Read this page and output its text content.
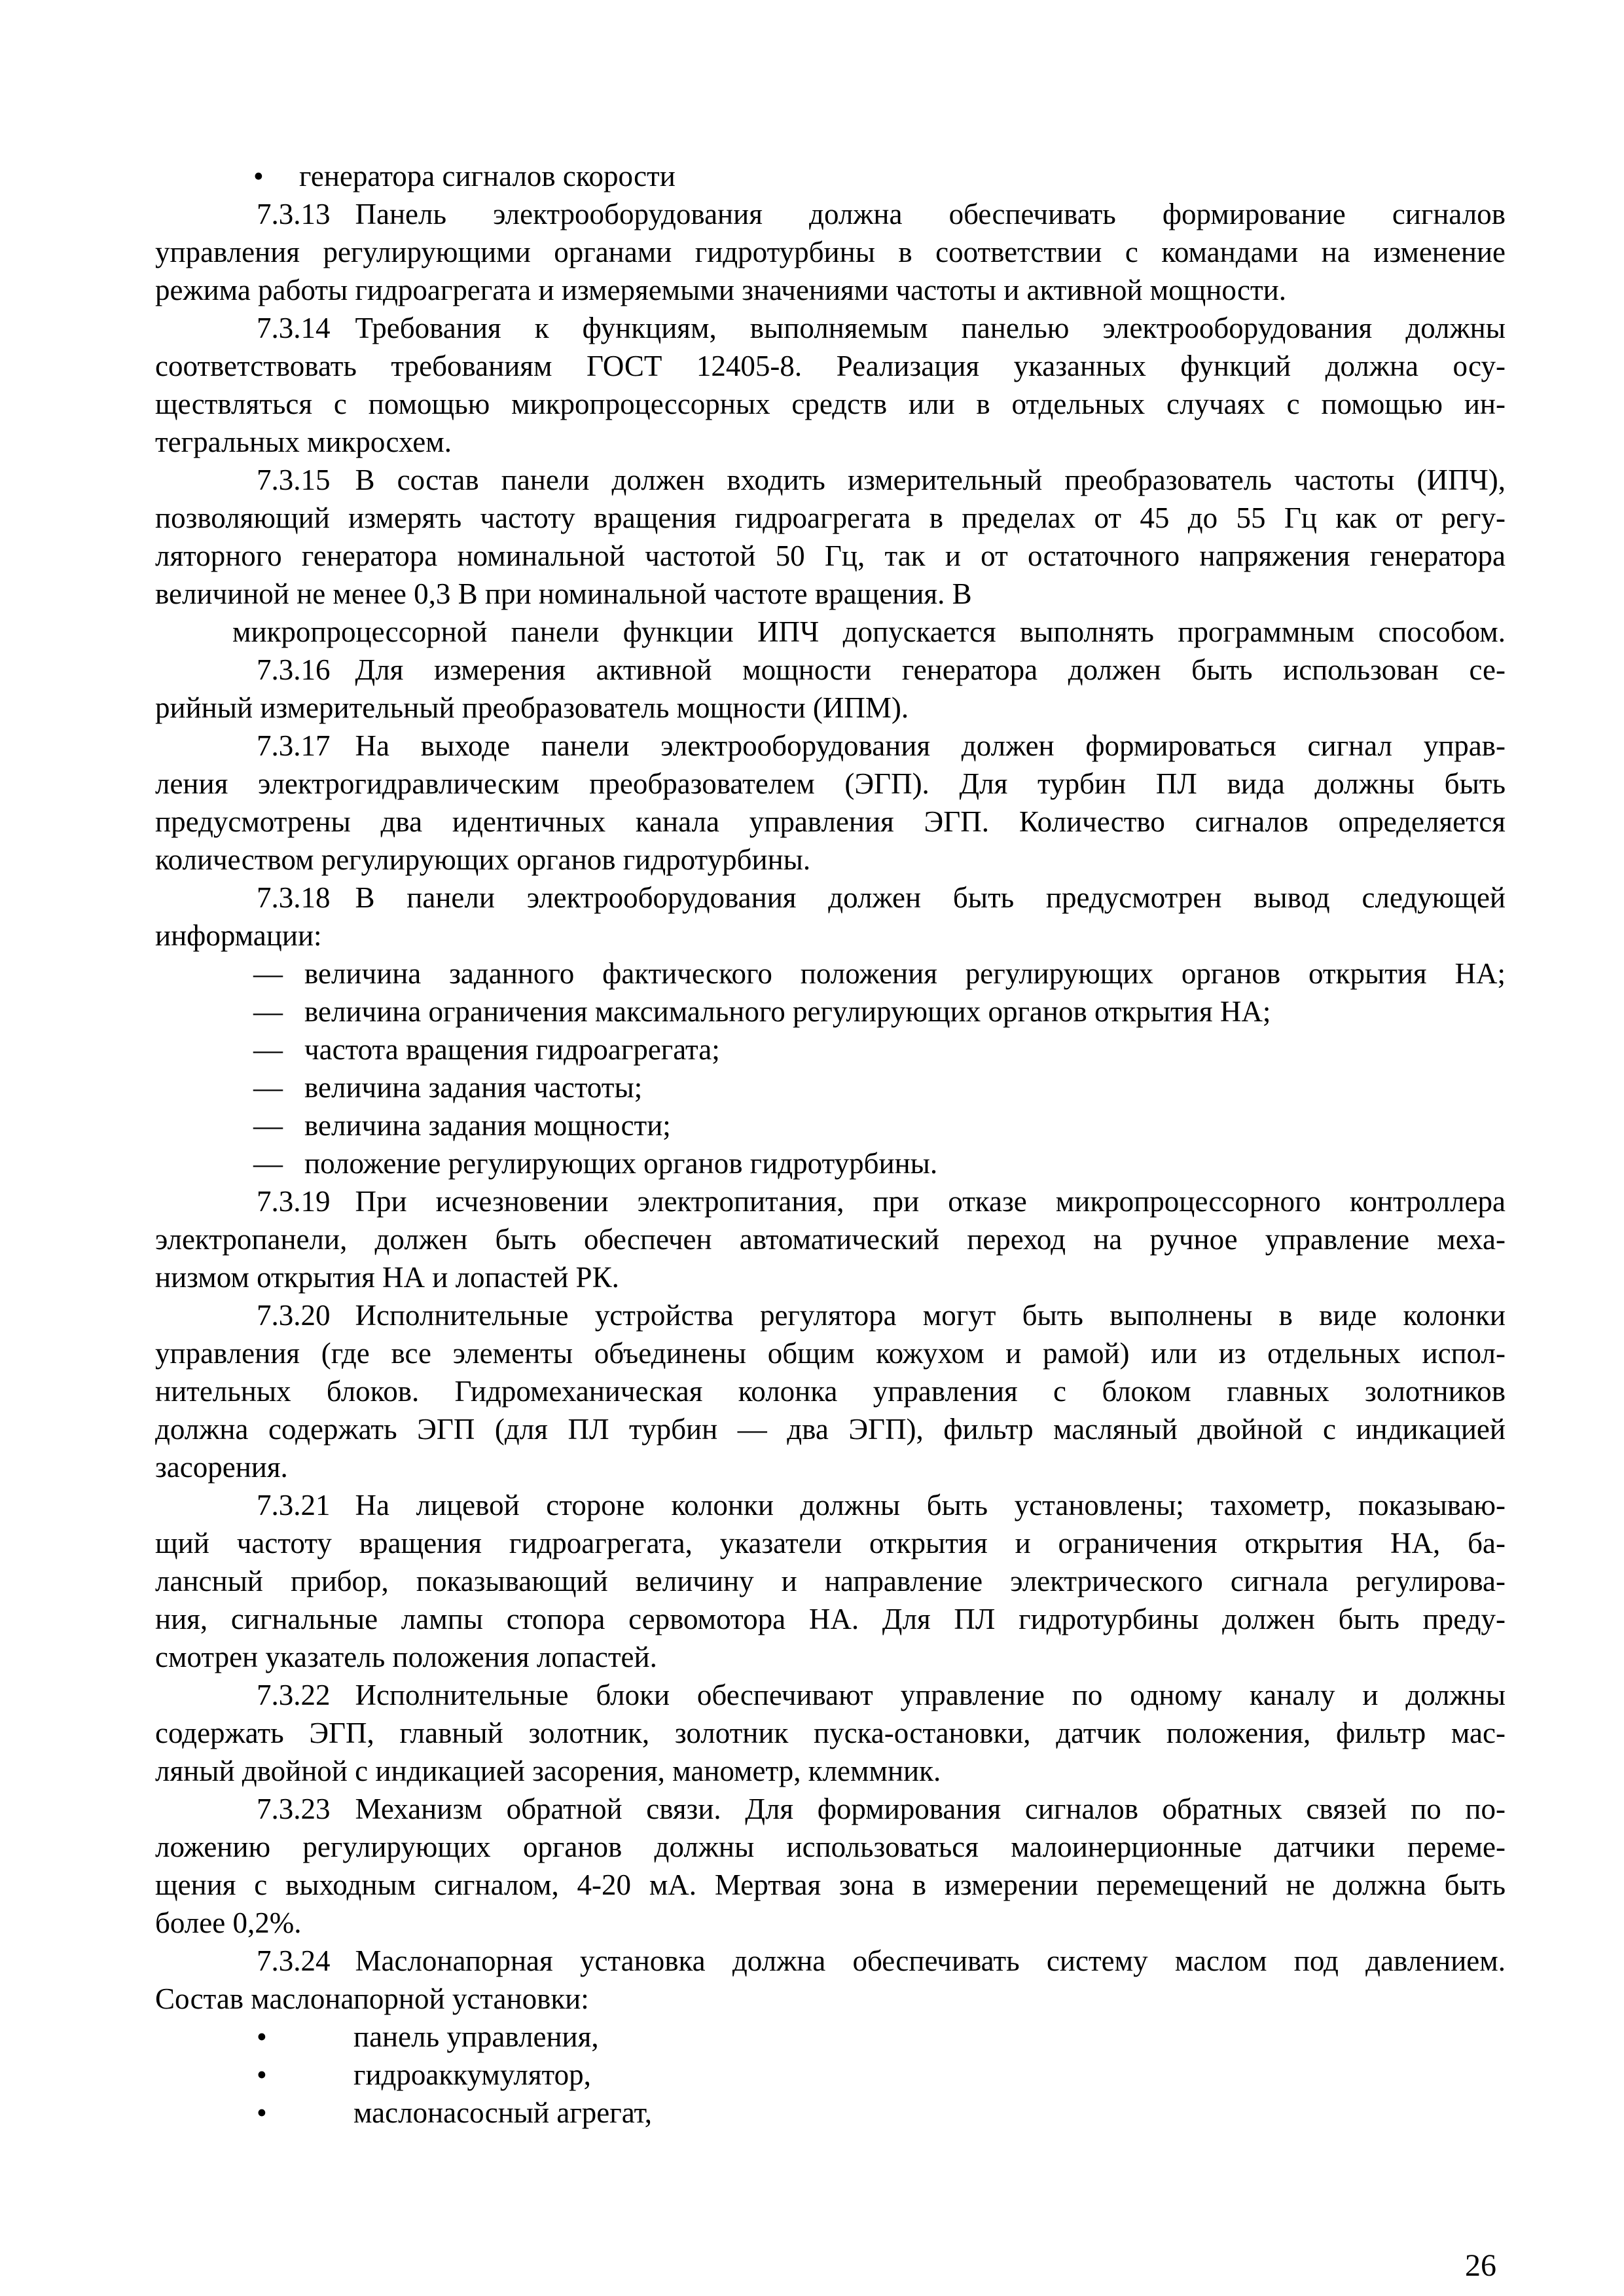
• генератора сигналов скорости
7.3.13 Панель электрооборудования должна обеспечивать формирование сигналов
управления регулирующими органами гидротурбины в соответствии с командами на изменение
режима работы гидроагрегата и измеряемыми значениями частоты и активной мощности.
7.3.14 Требования к функциям, выполняемым панелью электрооборудования должны
соответствовать требованиям ГОСТ 12405-8. Реализация указанных функций должна осу-
ществляться с помощью микропроцессорных средств или в отдельных случаях с помощью ин-
тегральных микросхем.
7.3.15 В состав панели должен входить измерительный преобразователь частоты (ИПЧ),
позволяющий измерять частоту вращения гидроагрегата в пределах от 45 до 55 Гц как от регу-
ляторного генератора номинальной частотой 50 Гц, так и от остаточного напряжения генератора
величиной не менее 0,3 В при номинальной частоте вращения. В
микропроцессорной панели функции ИПЧ допускается выполнять программным способом.
7.3.16 Для измерения активной мощности генератора должен быть использован се-
рийный измерительный преобразователь мощности (ИПМ).
7.3.17 На выходе панели электрооборудования должен формироваться сигнал управ-
ления электрогидравлическим преобразователем (ЭГП). Для турбин ПЛ вида должны быть
предусмотрены два идентичных канала управления ЭГП. Количество сигналов определяется
количеством регулирующих органов гидротурбины.
7.3.18 В панели электрооборудования должен быть предусмотрен вывод следующей
информации:
— величина заданного фактического положения регулирующих органов открытия НА;
— величина ограничения максимального регулирующих органов открытия НА;
— частота вращения гидроагрегата;
— величина задания частоты;
— величина задания мощности;
— положение регулирующих органов гидротурбины.
7.3.19 При исчезновении электропитания, при отказе микропроцессорного контроллера
электропанели, должен быть обеспечен автоматический переход на ручное управление меха-
низмом открытия НА и лопастей РК.
7.3.20 Исполнительные устройства регулятора могут быть выполнены в виде колонки
управления (где все элементы объединены общим кожухом и рамой) или из отдельных испол-
нительных блоков. Гидромеханическая колонка управления с блоком главных золотников
должна содержать ЭГП (для ПЛ турбин — два ЭГП), фильтр масляный двойной с индикацией
засорения.
7.3.21 На лицевой стороне колонки должны быть установлены; тахометр, показываю-
щий частоту вращения гидроагрегата, указатели открытия и ограничения открытия НА, ба-
лансный прибор, показывающий величину и направление электрического сигнала регулирова-
ния, сигнальные лампы стопора сервомотора НА. Для ПЛ гидротурбины должен быть преду-
смотрен указатель положения лопастей.
7.3.22 Исполнительные блоки обеспечивают управление по одному каналу и должны
содержать ЭГП, главный золотник, золотник пуска-остановки, датчик положения, фильтр мас-
ляный двойной с индикацией засорения, манометр, клеммник.
7.3.23 Механизм обратной связи. Для формирования сигналов обратных связей по по-
ложению регулирующих органов должны использоваться малоинерционные датчики переме-
щения с выходным сигналом, 4-20 мА. Мертвая зона в измерении перемещений не должна быть
более 0,2%.
7.3.24 Маслонапорная установка должна обеспечивать систему маслом под давлением.
Состав маслонапорной установки:
•	панель управления,
•	гидроаккумулятор,
•	маслонасосный агрегат,
26
